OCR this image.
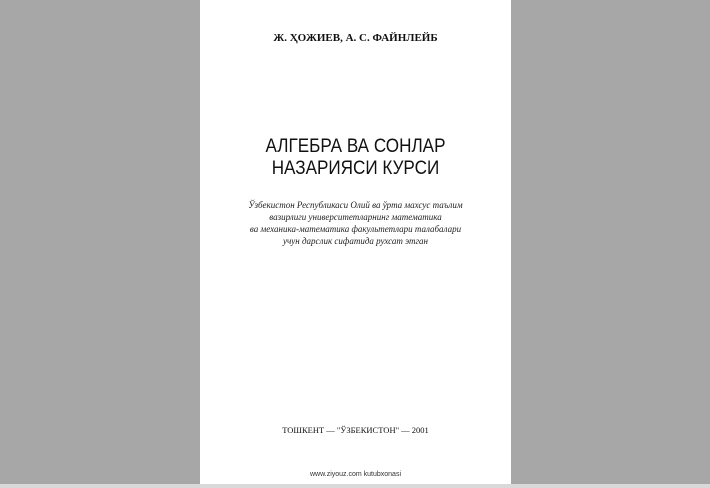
Ж. ҲОЖИЕВ, А. С. ФАЙНЛЕЙБ
АЛГЕБРА ВА СОНЛАР
НАЗАРИЯСИ КУРСИ
Ўзбекистон Республикаси Олий ва ўрта махсус таълим
вазирлиги университетларнинг математика
ва механика-математика факультетлари талабалари
учун дарслик сифатида рухсат этган
ТОШКЕНТ — "ЎЗБЕКИСТОН" — 2001
www.ziyouz.com kutubxonasi
